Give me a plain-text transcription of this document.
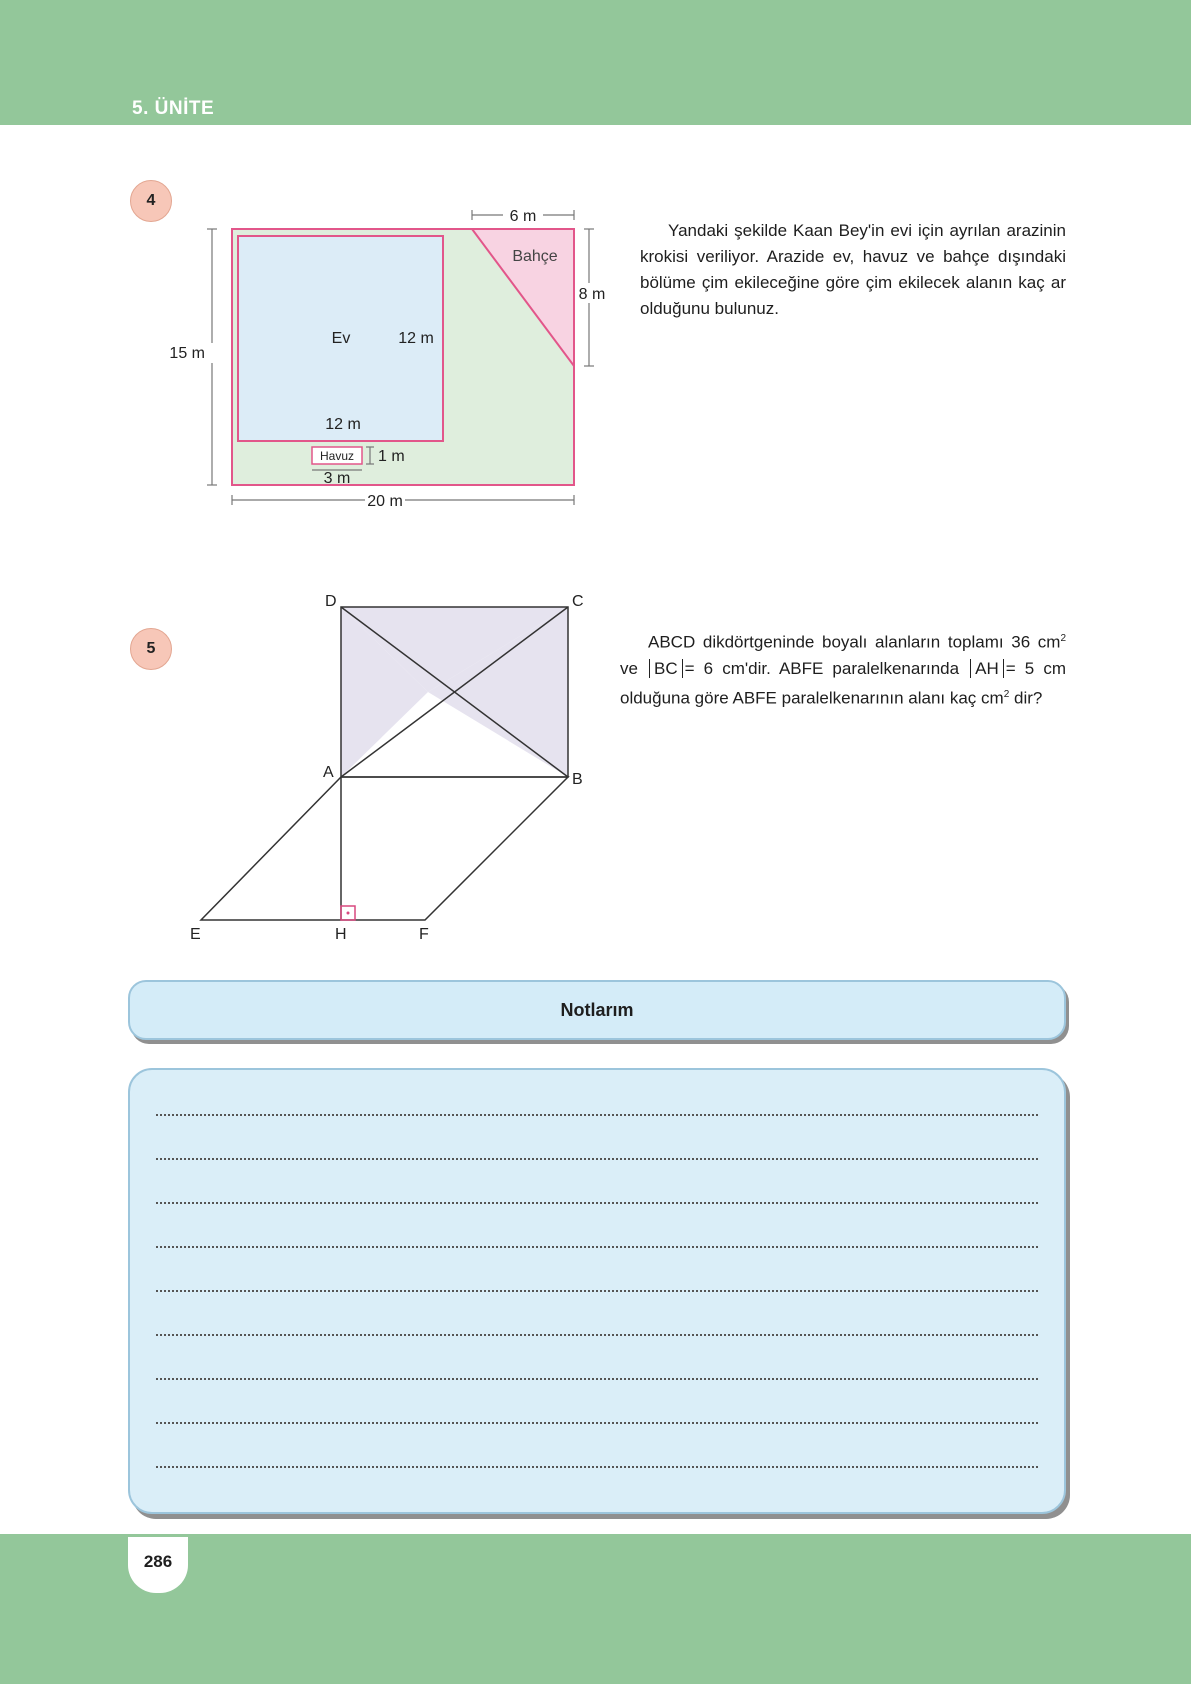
5. ÜNİTE
4
6 m
Bahçe
8 m
15 m
Ev	12 m
12 m
Havuz 1 m
3 m
20 m

Yandaki şekilde Kaan Bey'in evi için ayrılan arazinin krokisi veriliyor. Arazide ev, havuz ve bahçe dışındaki bölüme çim ekileceğine göre çim ekilecek alanın kaç ar olduğunu bulunuz.

5
D	C
A	B
E	H	F

ABCD dikdörtgeninde boyalı alanların toplamı 36 $cm^2$ ve BC = 6 cm'dir. ABFE paralelkenarında AH = 5 cm olduğuna göre ABFE paralelkenarının alanı kaç $cm^2$ dir?

Notlarım
286
